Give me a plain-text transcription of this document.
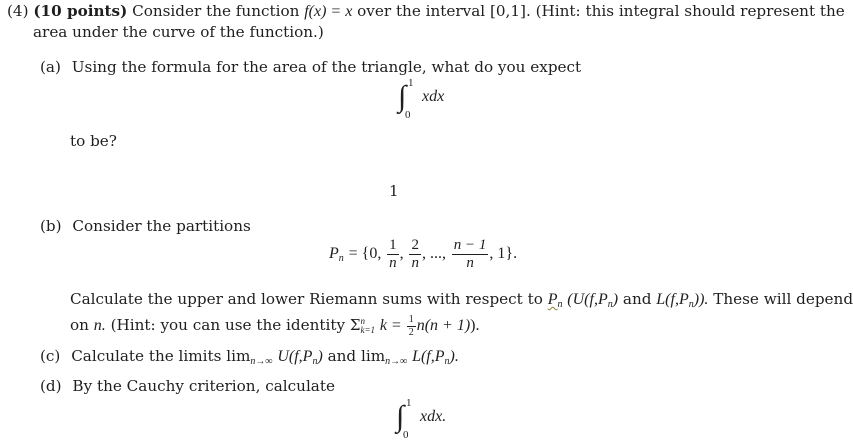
(4) (10 points) Consider the function f(x) = x over the interval [0,1]. (Hint: this integral should represent the
area under the curve of the function.)
(a) Using the formula for the area of the triangle, what do you expect
∫ 1
0
xdx
to be?
1
(b) Consider the partitions
$P_n = \{0$, $\frac{1}{n}$ , $\frac{2}{n}$ , ..., $\frac{n - 1}{n}$ , 1}.
Calculate the upper and lower Riemann sums with respect to $P_n$ ($U(f,P_n)$ and $L(f,P_n)$). These will depend
on n. (Hint: you can use the identity Σ n
k=1 $k = \frac{1}{2} n(n + 1)$).
(c) Calculate the limits $\lim_{n\to\infty} U(f,P_n)$ and $\lim_{n\to\infty} L(f,P_n)$.
(d) By the Cauchy criterion, calculate
∫ 1
0
xdx.
